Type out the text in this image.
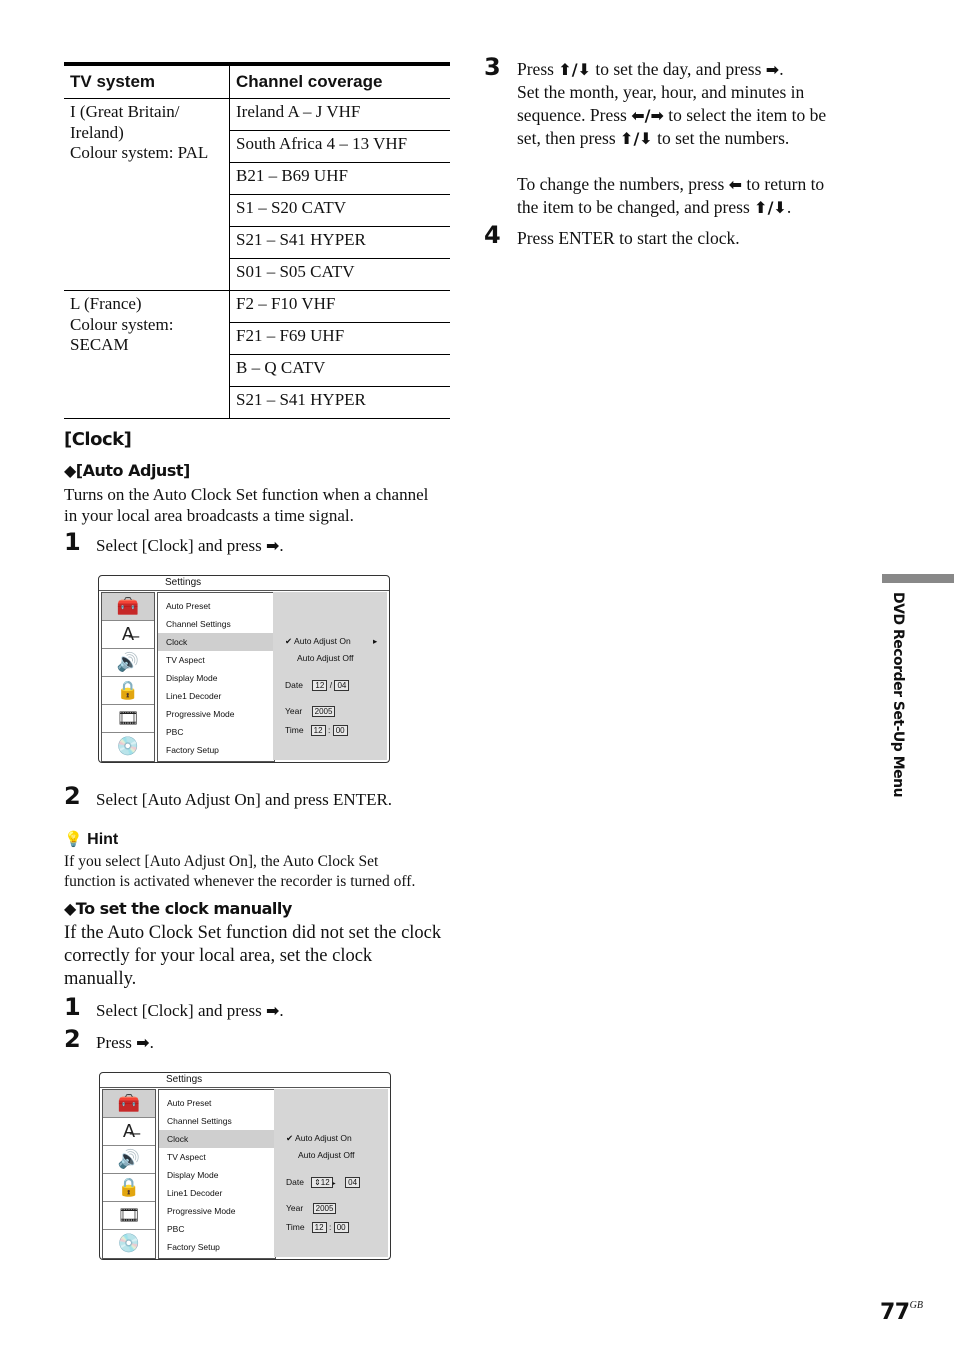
TV system	Channel coverage

I (Great Britain/
Ireland)
Colour system: PAL	Ireland A – J VHF
	South Africa 4 – 13 VHF
	B21 – B69 UHF
	S1 – S20 CATV
	S21 – S41 HYPER
	S01 – S05 CATV

L (France)
Colour system:
SECAM	F2 – F10 VHF
	F21 – F69 UHF
	B – Q CATV
	S21 – S41 HYPER
[Clock]
◆[Auto Adjust]
Turns on the Auto Clock Set function when a channel
in your local area broadcasts a time signal.
1 Select [Clock] and press ➡.
Settings
🧰
A̶
🔊
🔒
🎞
💿
Auto Preset
Channel Settings
Clock
TV Aspect
Display Mode
Line1 Decoder
Progressive Mode
PBC
Factory Setup
✔ Auto Adjust On	▸
Auto Adjust Off
Date 12 / 04
Year 2005
Time 12 : 00
2 Select [Auto Adjust On] and press ENTER.
💡 Hint
If you select [Auto Adjust On], the Auto Clock Set
function is activated whenever the recorder is turned off.
◆To set the clock manually
If the Auto Clock Set function did not set the clock
correctly for your local area, set the clock
manually.
1 Select [Clock] and press ➡.
2 Press ➡.
Settings
🧰
A̶
🔊
🔒
🎞
💿
Auto Preset
Channel Settings
Clock
TV Aspect
Display Mode
Line1 Decoder
Progressive Mode
PBC
Factory Setup
✔ Auto Adjust On
Auto Adjust Off
Date ⇕12 ▸ 04
Year 2005
Time 12 : 00
3 Press ⬆/⬇ to set the day, and press ➡.
Set the month, year, hour, and minutes in
sequence. Press ⬅/➡ to select the item to be
set, then press ⬆/⬇ to set the numbers.
To change the numbers, press ⬅ to return to
the item to be changed, and press ⬆/⬇.
4 Press ENTER to start the clock.
DVD Recorder Set-Up Menu
$77^{GB}$
